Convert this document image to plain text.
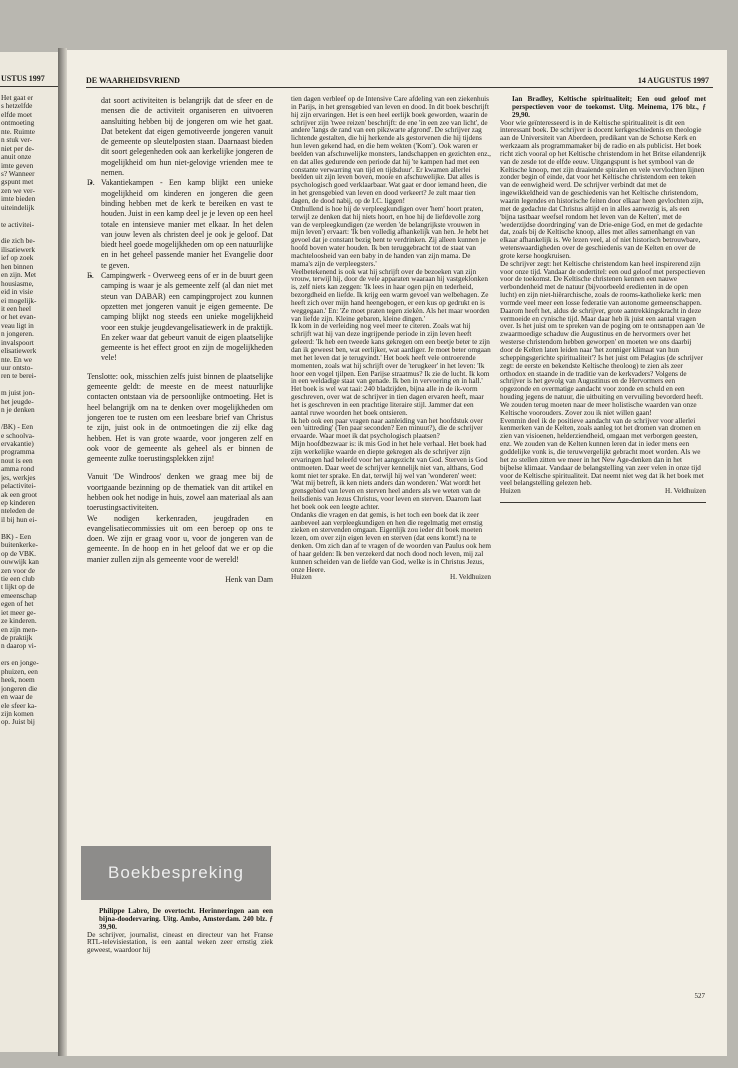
USTUS 1997
Het gaat er
s hetzelfde
elfde moet
ontmoeting
nte. Ruimte
n stuk ver-
niet per de-
anuit onze
imte geven
s? Wanneer
gspunt met
zen we ver-
imte bieden
uiteindelijk
te activitei-
die zich be-
ilisatiewerk
ief op zoek
hen binnen
en zijn. Met
housiasme,
eid in visie
ei mogelijk-
it een heel
or het evan-
veau ligt in
n jongeren.
invalspoort
elisatiewerk
nte. En we
uur ontsto-
ren te berei-
m juist jon-
het jeugde-
n je denken
/BK) - Een
e schoolva-
ervakantie)
programma
nout is een
amma rond
jes, werkjes
pelactivitei-
ak een groot
ep kinderen
nteleden de
il bij hun ei-
BK) - Een
buitenkerke-
op de VBK.
ouwwijk kan
zen voor de
tie een club
t lijkt op de
emeenschap
egen of het
iet meer ge-
ze kinderen.
en zijn men-
de praktijk
n daarop vi-
ers en jonge-
phuizen, een
heek, noem
jongeren die
en waar de
ele sfeer ka-
zijn komen
op. Juist bij
DE WAARHEIDSVRIEND	14 AUGUSTUS 1997

dat soort activiteiten is belangrijk dat de sfeer en de mensen die de activiteit organiseren en uitvoeren aansluiting hebben bij de jongeren om wie het gaat. Dat betekent dat eigen gemotiveerde jongeren vanuit de gemeente op sleutelposten staan. Daarnaast bieden dit soort gelegenheden ook aan kerkelijke jongeren de mogelijkheid om hun niet-gelovige vrienden mee te nemen.

• D. Vakantiekampen - Een kamp blijkt een unieke mogelijkheid om kinderen en jongeren die geen binding hebben met de kerk te bereiken en vast te houden. Juist in een kamp deel je je leven op een heel totale en intensieve manier met elkaar. In het delen van jouw leven als christen deel je ook je geloof. Dat biedt heel goede mogelijkheden om op een natuurlijke en in het geheel passende manier het Evangelie door te geven.
• E. Campingwerk - Overweeg eens of er in de buurt geen camping is waar je als gemeente zelf (al dan niet met steun van DABAR) een campingproject zou kunnen opzetten met jongeren vanuit je eigen gemeente. De camping blijkt nog steeds een unieke mogelijkheid voor een stukje jeugdevangelisatiewerk in de praktijk. En zeker waar dat gebeurt vanuit de eigen plaatselijke gemeente is het effect groot en zijn de mogelijkheden vele!

Tenslotte: ook, misschien zelfs juist binnen de plaatselijke gemeente geldt: de meeste en de meest natuurlijke contacten ontstaan via de persoonlijke ontmoeting. Het is heel belangrijk om na te denken over mogelijkheden om jongeren toe te rusten om een leesbare brief van Christus te zijn, juist ook in de ontmoetingen die zij elke dag hebben. Het is van grote waarde, voor jongeren zelf en ook voor de gemeente als geheel als er binnen de gemeente zulke toerustingsplekken zijn!

Vanuit 'De Windroos' denken we graag mee bij de voortgaande bezinning op de thematiek van dit artikel en hebben ook het nodige in huis, zowel aan materiaal als aan toerustingsactiviteiten.

We nodigen kerkenraden, jeugdraden en evangelisatiecommissies uit om een beroep op ons te doen. We zijn er graag voor u, voor de jongeren van de gemeente. In de hoop en in het geloof dat we er op die manier zullen zijn als gemeente voor de wereld!

Henk van Dam
Boekbespreking

Philippe Labro, De overtocht. Herinneringen aan een bijna-doodervaring. Uitg. Ambo, Amsterdam. 240 blz. ƒ 39,90.

De schrijver, journalist, cineast en directeur van het Franse RTL-televisiestation, is een aantal weken zeer ernstig ziek geweest, waardoor hij

tien dagen verbleef op de Intensive Care afdeling van een ziekenhuis in Parijs, in het grensgebied van leven en dood. In dit boek beschrijft hij zijn ervaringen. Het is een heel eerlijk boek geworden, waarin de schrijver zijn 'twee reizen' beschrijft: de ene 'in een zee van licht', de andere 'langs de rand van een pikzwarte afgrond'. De schrijver zag lichtende gestalten, die hij herkende als gestorvenen die hij tijdens hun leven gekend had, en die hem wekten ('Kom'). Ook waren er beelden van afschuwelijke monsters, landschappen en gezichten enz., en dat alles gedurende een periode dat hij 'te kampen had met een constante verwarring van tijd en tijdsduur'. Er kwamen allerlei beelden uit zijn leven boven, mooie en afschuwelijke. Dat alles is psychologisch goed verklaarbaar. Wat gaat er door iemand heen, die in het grensgebied van leven en dood verkeert? Je zult maar tien dagen, de dood nabij, op de I.C. liggen!

Onthullend is hoe hij de verpleegkundigen over 'hem' hoort praten, terwijl ze denken dat hij niets hoort, en hoe hij de liefdevolle zorg van de verpleegkundigen (ze werden 'de belangrijkste vrouwen in mijn leven') ervaart: 'Ik ben volledig afhankelijk van hen. Je hebt het gevoel dat je constant bezig bent te verdrinken. Zij alleen kunnen je hoofd boven water houden. Ik ben teruggebracht tot de staat van machteloosheid van een baby in de handen van zijn mama. De mama's zijn de verpleegsters.'

Veelbetekenend is ook wat hij schrijft over de bezoeken van zijn vrouw, terwijl hij, door de vele apparaten waaraan hij vastgeklonken is, zelf niets kan zeggen: 'Ik lees in haar ogen pijn en tederheid, bezorgdheid en liefde. Ik krijg een warm gevoel van welbehagen. Ze heeft zich over mijn hand heengebogen, er een kus op gedrukt en is weggegaan.' En: 'Ze moet praten tegen ziekèn. Als het maar woorden van liefde zijn. Kleine gebaren, kleine dingen.'

Ik kom in de verleiding nog veel meer te citeren. Zoals wat hij schrijft wat hij van deze ingrijpende periode in zijn leven heeft geleerd: 'Ik heb een tweede kans gekregen om een beetje beter te zijn dan ik geweest ben, wat eerlijker, wat aardiger. Je moet beter omgaan met het leven dat je terugvindt.' Het boek heeft vele ontroerende momenten, zoals wat hij schrijft over de 'terugkeer' in het leven: 'Ik hoor een vogel tjilpen. Een Parijse straatmus? Ik zie de lucht. Ik kom in een weldadige staat van genade. Ik ben in vervoering en in hall.'

Het boek is wel wat taai: 240 bladzijden, bijna alle in de ik-vorm geschreven, over wat de schrijver in tien dagen ervaren heeft, maar het is geschreven in een prachtige literaire stijl. Jammer dat een aantal ruwe woorden het boek ontsieren.

Ik heb ook een paar vragen naar aanleiding van het hoofdstuk over een 'uittreding' (Ten paar seconden? Een minuut?), die de schrijver ervaarde. Waar moet ik dat psychologisch plaatsen?

Mijn hoofdbezwaar is: ik mis God in het hele verhaal. Het boek had zijn werkelijke waarde en diepte gekregen als de schrijver zijn ervaringen had beleefd voor het aangezicht van God. Sterven is God ontmoeten. Daar weet de schrijver kennelijk niet van, althans, God komt niet ter sprake. En dat, terwijl hij wel van 'wonderen' weet: 'Wat mij betreft, ik ken niets anders dan wonderen.' Wat wordt het grensgebied van leven en sterven heel anders als we weten van de heilsdienis van Jezus Christus, voor leven en sterven. Daarom laat het boek ook een leegte achter.

Ondanks die vragen en dat gemis, is het toch een boek dat ik zeer aanbeveel aan verpleegkundigen en hen die regelmatig met ernstig zieken en stervenden omgaan. Eigenlijk zou ieder dit boek moeten lezen, om over zijn eigen leven en sterven (dat eens komt!) na te denken. Om zich dan af te vragen of de woorden van Paulus ook hem of haar gelden: Ik ben verzekerd dat noch dood noch leven, mij zal kunnen scheiden van de liefde van God, welke is in Christus Jezus, onze Heere.

Huizen	H. Veldhuizen

Ian Bradley, Keltische spiritualiteit; Een oud geloof met perspectieven voor de toekomst. Uitg. Meinema, 176 blz., ƒ 29,90.

Voor wie geïnteresseerd is in de Keltische spiritualiteit is dit een interessant boek. De schrijver is docent kerkgeschiedenis en theologie aan de Universiteit van Aberdeen, predikant van de Schotse Kerk en werkzaam als programmamaker bij de radio en als publicist. Het boek richt zich vooral op het Keltische christendom in het Britse eilandenrijk van de zesde tot de elfde eeuw. Uitgangspunt is het symbool van de Keltische knoop, met zijn draaiende spiralen en vele vervlochten lijnen zonder begin of einde, dat voor het Keltische christendom een teken van de eenwigheid werd. De schrijver verbindt dat met de ingewikkeldheid van de geschiedenis van het Keltische christendom, waarin legendes en historische feiten door elkaar heen gevlochten zijn, met de gedachte dat Christus altijd en in alles aanwezig is, als een 'bijna tastbaar weefsel rondom het leven van de Kelten', met de 'wederzijdse doordringing' van de Drie-enige God, en met de gedachte dat, zoals bij de Keltische knoop, alles met alles samenhangt en van elkaar afhankelijk is. We lezen veel, al of niet historisch betrouwbare, wetenswaardigheden over de geschiedenis van de Kelten en over de grote kerse hoogkruisen.

De schrijver zegt: het Keltische christendom kan heel inspirerend zijn voor onze tijd. Vandaar de ondertitel: een oud geloof met perspectieven voor de toekomst. De Keltische christenen kennen een nauwe verbondenheid met de natuur (bijvoorbeeld eredienten in de open lucht) en zijn niet-hiërarchische, zoals de rooms-katholieke kerk: men vormde veel meer een losse federatie van autonome gemeenschappen. Daarom heeft het, aldus de schrijver, grote aantrekkingskracht in deze vermoeide en cynische tijd. Maar daar heb ik juist een aantal vragen over. Is het juist om te spreken van de poging om te ontsnappen aan 'de zwaarmoedige schaduw die Augustinus en de hervormers over het westerse christendom hebben geworpen' en moeten we ons daarbij door de Kelten laten leiden naar 'het zonniger klimaat van hun scheppingsgerichte spiritualiteit'? Is het juist om Pelagius (de schrijver zegt: de eerste en bekendste Keltische theoloog) te zien als zeer orthodox en staande in de traditie van de kerkvaders? Volgens de schrijver is het gevolg van Augustinus en de Hervormers een opgezonde en overmatige aandacht voor zonde en schuld en een houding jegens de natuur, die uitbuiting en vervuiling bevorderd heeft. We zouden terug moeten naar de meer holistische waarden van onze Keltische voorouders. Zover zou ik niet willen gaan!

Evenmin deel ik de positieve aandacht van de schrijver voor allerlei kenmerken van de Kelten, zoals aanleg tot het dromen van dromen en zien van visioenen, helderziendheid, omgaan met verborgen geesten, enz. We zouden van de Kelten kunnen leren dat in ieder mens een goddelijke vonk is, die teruwvergelijkt gebracht moet worden. Als we het zo stellen zitten we meer in het New Age-denken dan in het bijbelse klimaat. Vandaar de belangstelling van zeer velen in onze tijd voor de Keltische spiritualiteit. Dat neemt niet weg dat ik het boek met veel belangstelling gelezen heb.

Huizen	H. Veldhuizen
527
